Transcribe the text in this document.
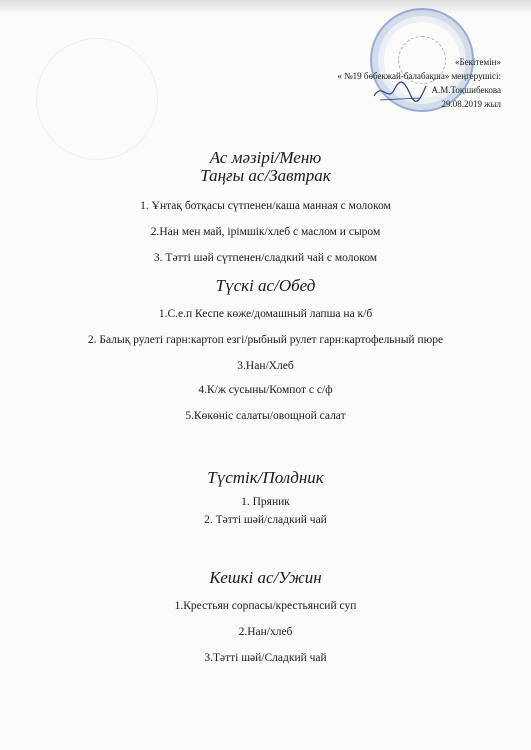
«Бекітемін»
« №19 бөбекжай-балабақша» меңгерушісі:
А.М.Тоқшибекова
29.08.2019 жыл
Ас мәзірі/Меню
Таңғы ас/Завтрак
1. Ұнтақ ботқасы сүтпенен/каша манная с молоком
2.Нан мен май, ірімшік/хлеб с маслом и сыром
3. Тәтті шәй сүтпенен/сладкий чай с молоком
Түскі ас/Обед
1.С.е.п Кеспе көже/домашный лапша на к/б
2. Балық рулеті гарн:картоп езгі/рыбный рулет гарн:картофельный пюре
3.Нан/Хлеб
4.К/ж сусыны/Компот с с/ф
5.Көкөніс салаты/овощной салат
Түстік/Полдник
1. Пряник
2. Тәтті шәй/сладкий чай
Кешкі ас/Ужин
1.Крестьян сорпасы/крестьянсий суп
2.Нан/хлеб
3.Тәтті шәй/Сладкий чай
